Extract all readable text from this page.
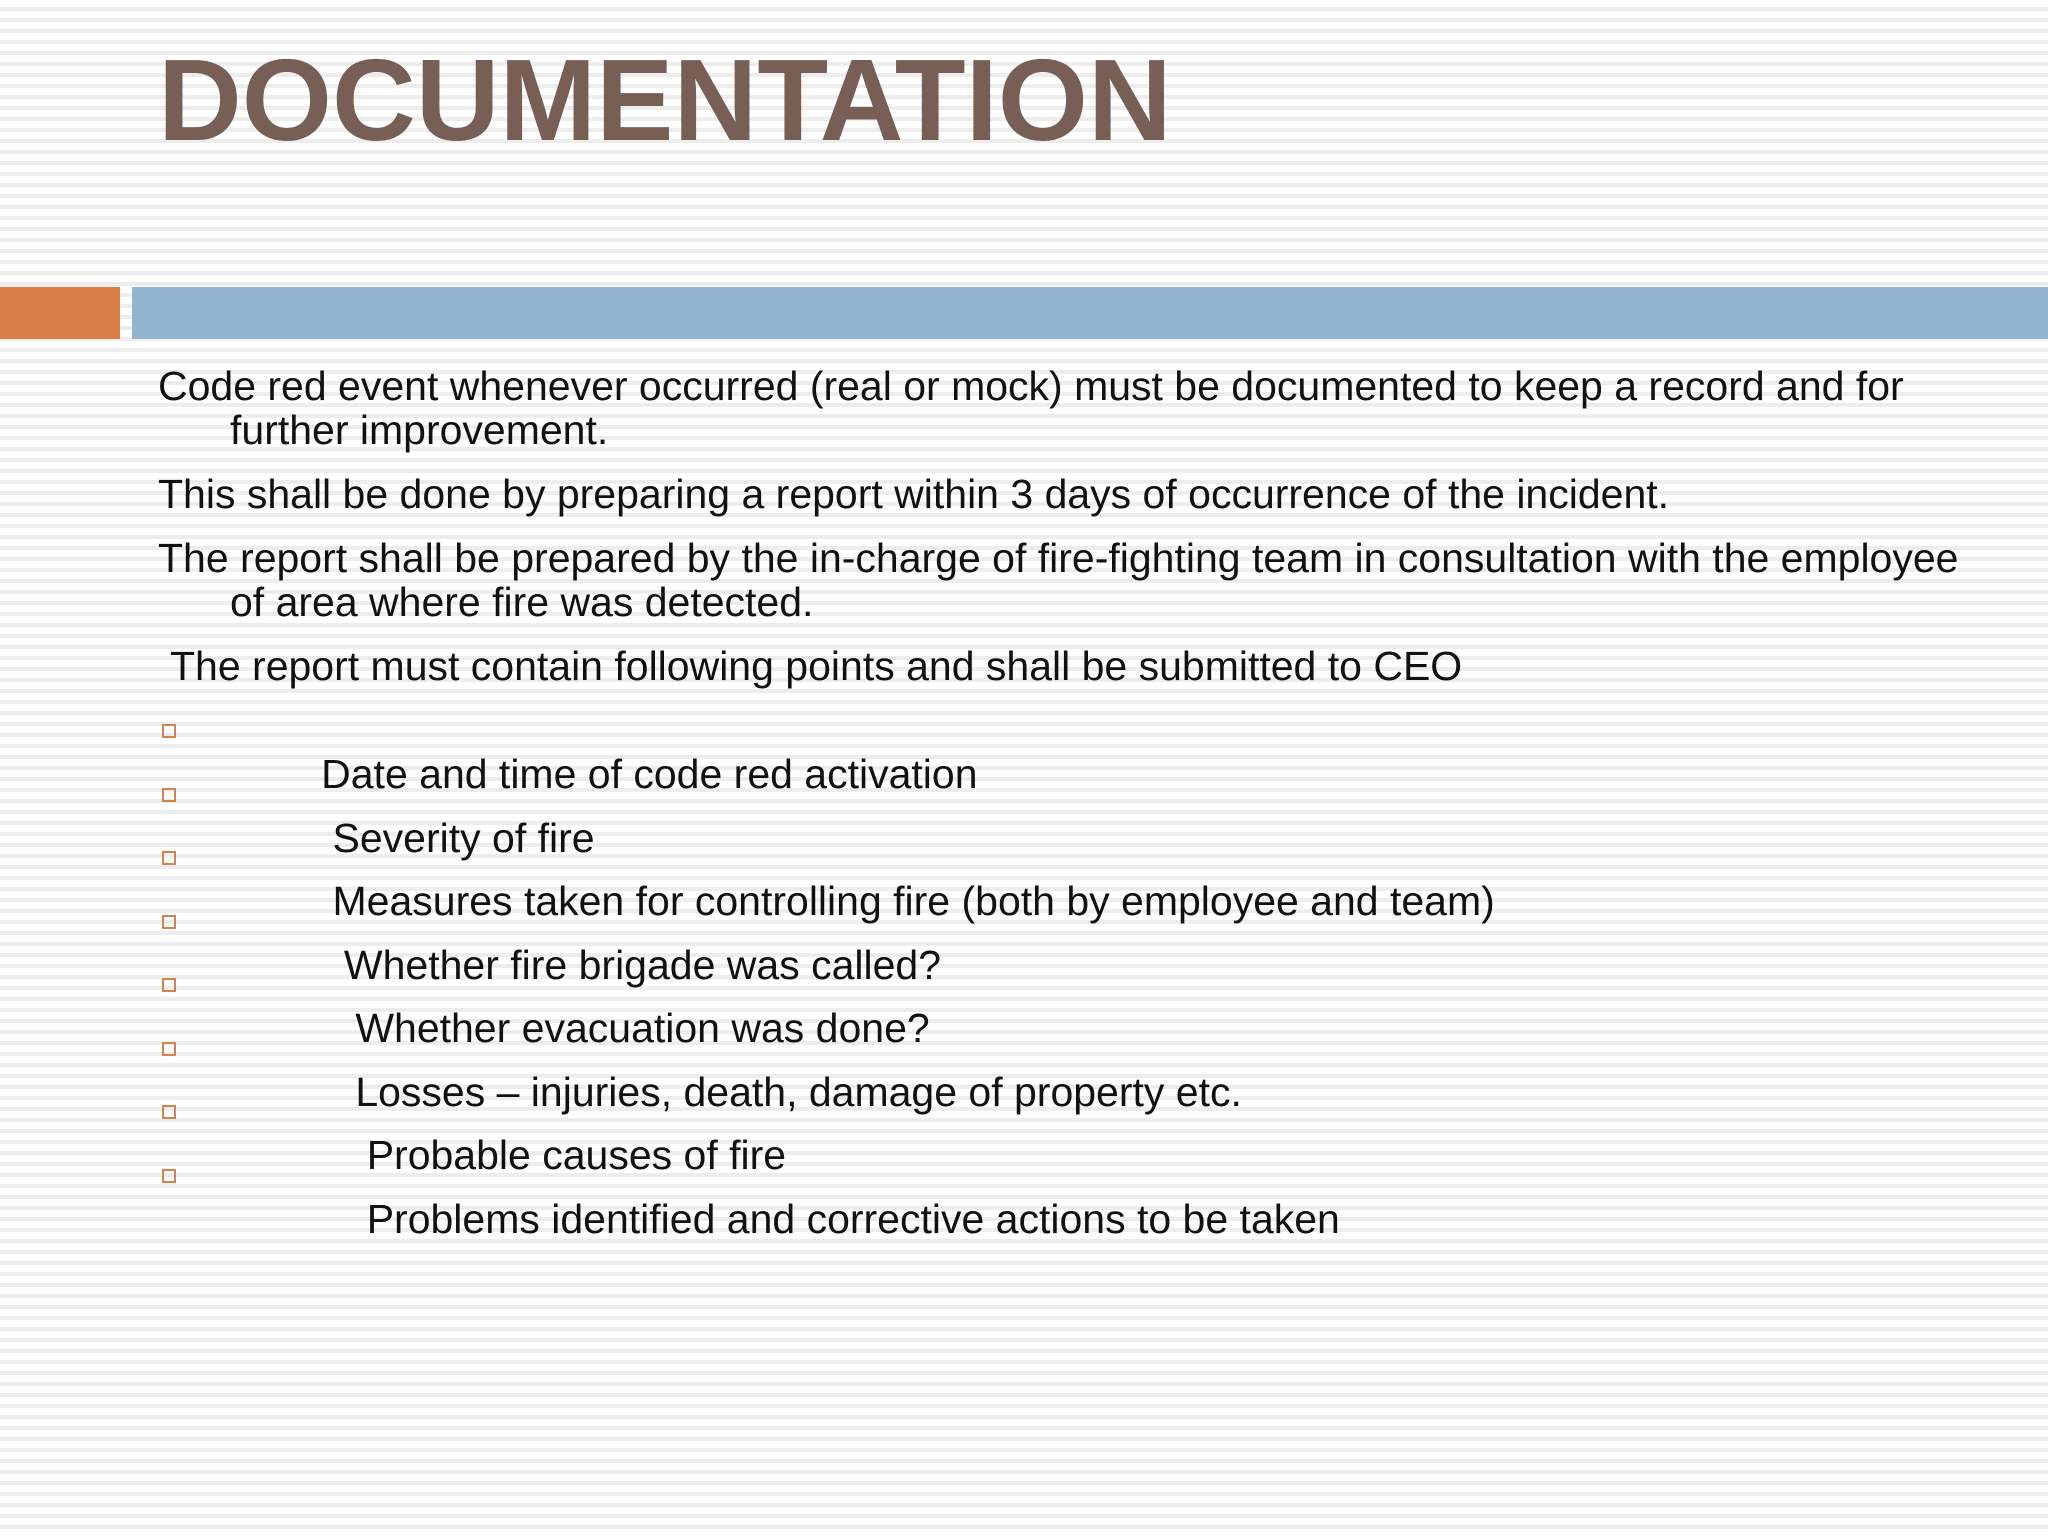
DOCUMENTATION

Code red event whenever occurred (real or mock) must be documented to keep a record and for further improvement.

This shall be done by preparing a report within 3 days of occurrence of the incident.

The report shall be prepared by the in-charge of fire-fighting team in consultation with the employee of area where fire was detected.

The report must contain following points and shall be submitted to CEO

Date and time of code red activation

Severity of fire

Measures taken for controlling fire (both by employee and team)

Whether fire brigade was called?

Whether evacuation was done?

Losses – injuries, death, damage of property etc.

Probable causes of fire

Problems identified and corrective actions to be taken
